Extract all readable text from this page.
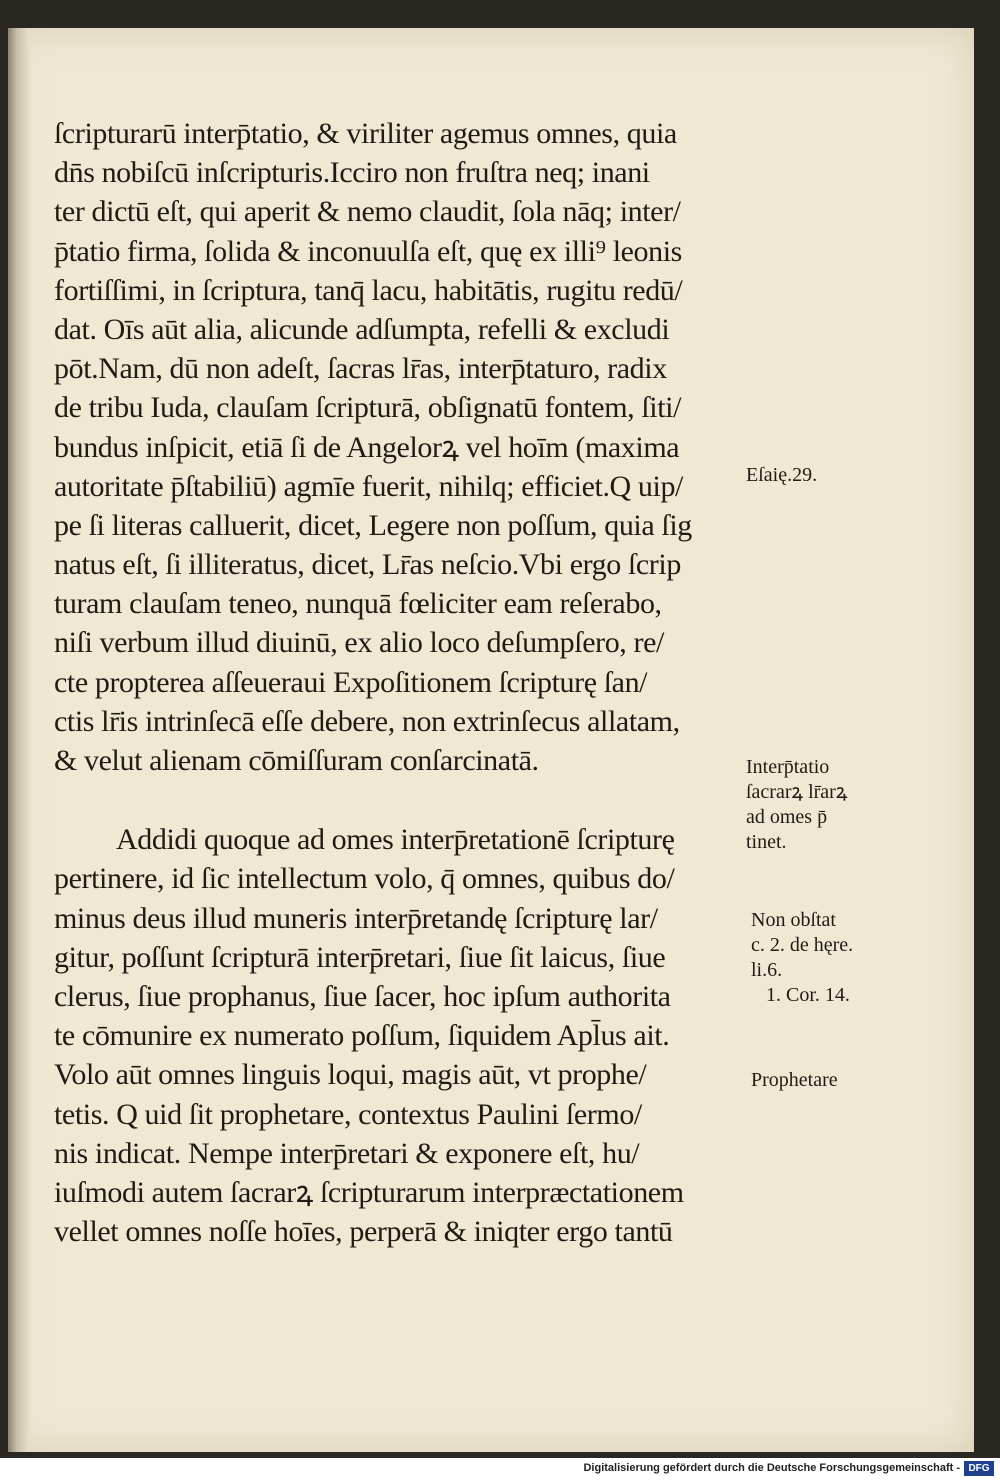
ſcripturarū interp̄tatio, & viriliter agemus omnes, quia
dn̄s nobiſcū inſcripturis.Icciro non fruſtra neq; inani
ter dictū eſt, qui aperit & nemo claudit, ſola nāq; inter/
p̄tatio firma, ſolida & inconuulſa eſt, quę ex illi⁹ leonis
fortiſſimi, in ſcriptura, tanq̄ lacu, habitātis, rugitu redū/
dat. Oīs aūt alia, alicunde adſumpta, refelli & excludi
pōt.Nam, dū non adeſt, ſacras lr̄as, interp̄taturo, radix
de tribu Iuda, clauſam ſcripturā, obſignatū fontem, ſiti/
bundus inſpicit, etiā ſi de Angelorꝝ vel hoīm (maxima
autoritate p̄ſtabiliū) agmīe fuerit, nihilq; efficiet.Q uip/
pe ſi literas calluerit, dicet, Legere non poſſum, quia ſig
natus eſt, ſi illiteratus, dicet, Lr̄as neſcio.Vbi ergo ſcrip
turam clauſam teneo, nunquā fœliciter eam reſerabo,
niſi verbum illud diuinū, ex alio loco deſumpſero, re/
cte propterea aſſeueraui Expoſitionem ſcripturę ſan/
ctis lr̄is intrinſecā eſſe debere, non extrinſecus allatam,
& velut alienam cōmiſſuram conſarcinatā.
Addidi quoque ad omes interp̄retationē ſcripturę
pertinere, id ſic intellectum volo, q̄ omnes, quibus do/
minus deus illud muneris interp̄retandę ſcripturę lar/
gitur, poſſunt ſcripturā interp̄retari, ſiue ſit laicus, ſiue
clerus, ſiue prophanus, ſiue ſacer, hoc ipſum authorita
te cōmunire ex numerato poſſum, ſiquidem Apl̄us ait.
Volo aūt omnes linguis loqui, magis aūt, vt prophe/
tetis. Q uid ſit prophetare, contextus Paulini ſermo/
nis indicat. Nempe interp̄retari & exponere eſt, hu/
iuſmodi autem ſacrarꝝ ſcripturarum interpræctationem
vellet omnes noſſe hoīes, perperā & iniqter ergo tantū
Eſaię.29.
Interp̄tatio
ſacrarꝝ lr̄arꝝ
ad omes p̄
tinet.
Non obſtat
c. 2. de hęre.
li.6.
1. Cor. 14.
Prophetare
Digitalisierung gefördert durch die Deutsche Forschungsgemeinschaft - DFG
